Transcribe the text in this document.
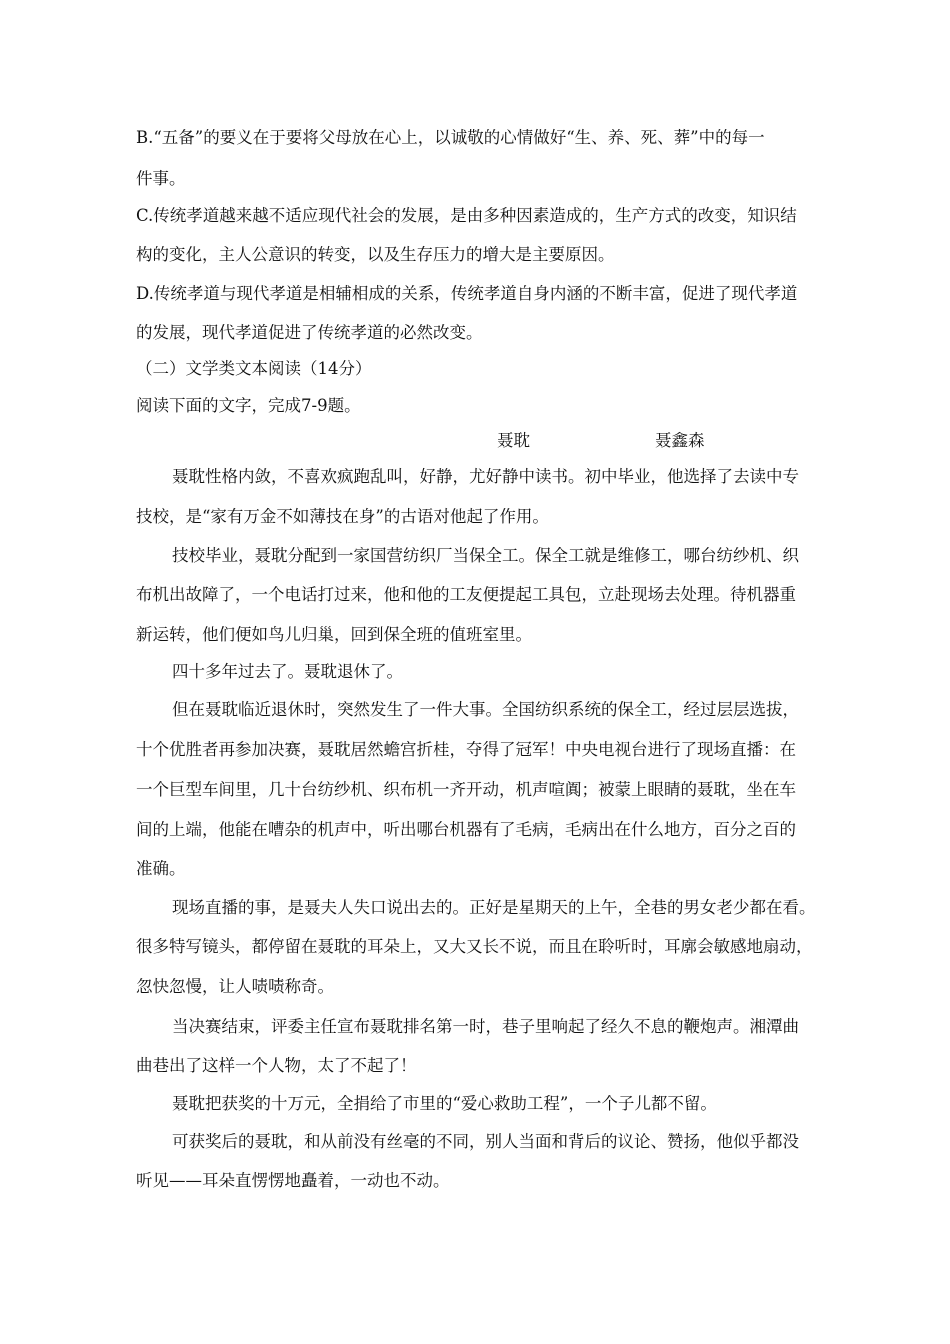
B.“五备”的要义在于要将父母放在心上，以诚敬的心情做好“生、养、死、葬”中的每一
件事。
C.传统孝道越来越不适应现代社会的发展，是由多种因素造成的，生产方式的改变，知识结
构的变化，主人公意识的转变，以及生存压力的增大是主要原因。
D.传统孝道与现代孝道是相辅相成的关系，传统孝道自身内涵的不断丰富，促进了现代孝道
的发展，现代孝道促进了传统孝道的必然改变。
（二）文学类文本阅读（14分）
阅读下面的文字，完成7-9题。
聂耽	聂鑫森
聂耽性格内敛，不喜欢疯跑乱叫，好静，尤好静中读书。初中毕业，他选择了去读中专
技校，是“家有万金不如薄技在身”的古语对他起了作用。
技校毕业，聂耽分配到一家国营纺织厂当保全工。保全工就是维修工，哪台纺纱机、织
布机出故障了，一个电话打过来，他和他的工友便提起工具包，立赴现场去处理。待机器重
新运转，他们便如鸟儿归巢，回到保全班的值班室里。
四十多年过去了。聂耽退休了。
但在聂耽临近退休时，突然发生了一件大事。全国纺织系统的保全工，经过层层选拔，
十个优胜者再参加决赛，聂耽居然蟾宫折桂，夺得了冠军！中央电视台进行了现场直播：在
一个巨型车间里，几十台纺纱机、织布机一齐开动，机声喧阗；被蒙上眼睛的聂耽，坐在车
间的上端，他能在嘈杂的机声中，听出哪台机器有了毛病，毛病出在什么地方，百分之百的
准确。
现场直播的事，是聂夫人失口说出去的。正好是星期天的上午，全巷的男女老少都在看。
很多特写镜头，都停留在聂耽的耳朵上，又大又长不说，而且在聆听时，耳廓会敏感地扇动，
忽快忽慢，让人啧啧称奇。
当决赛结束，评委主任宣布聂耽排名第一时，巷子里响起了经久不息的鞭炮声。湘潭曲
曲巷出了这样一个人物，太了不起了！
聂耽把获奖的十万元，全捐给了市里的“爱心救助工程”，一个子儿都不留。
可获奖后的聂耽，和从前没有丝毫的不同，别人当面和背后的议论、赞扬，他似乎都没
听见——耳朵直愣愣地矗着，一动也不动。
